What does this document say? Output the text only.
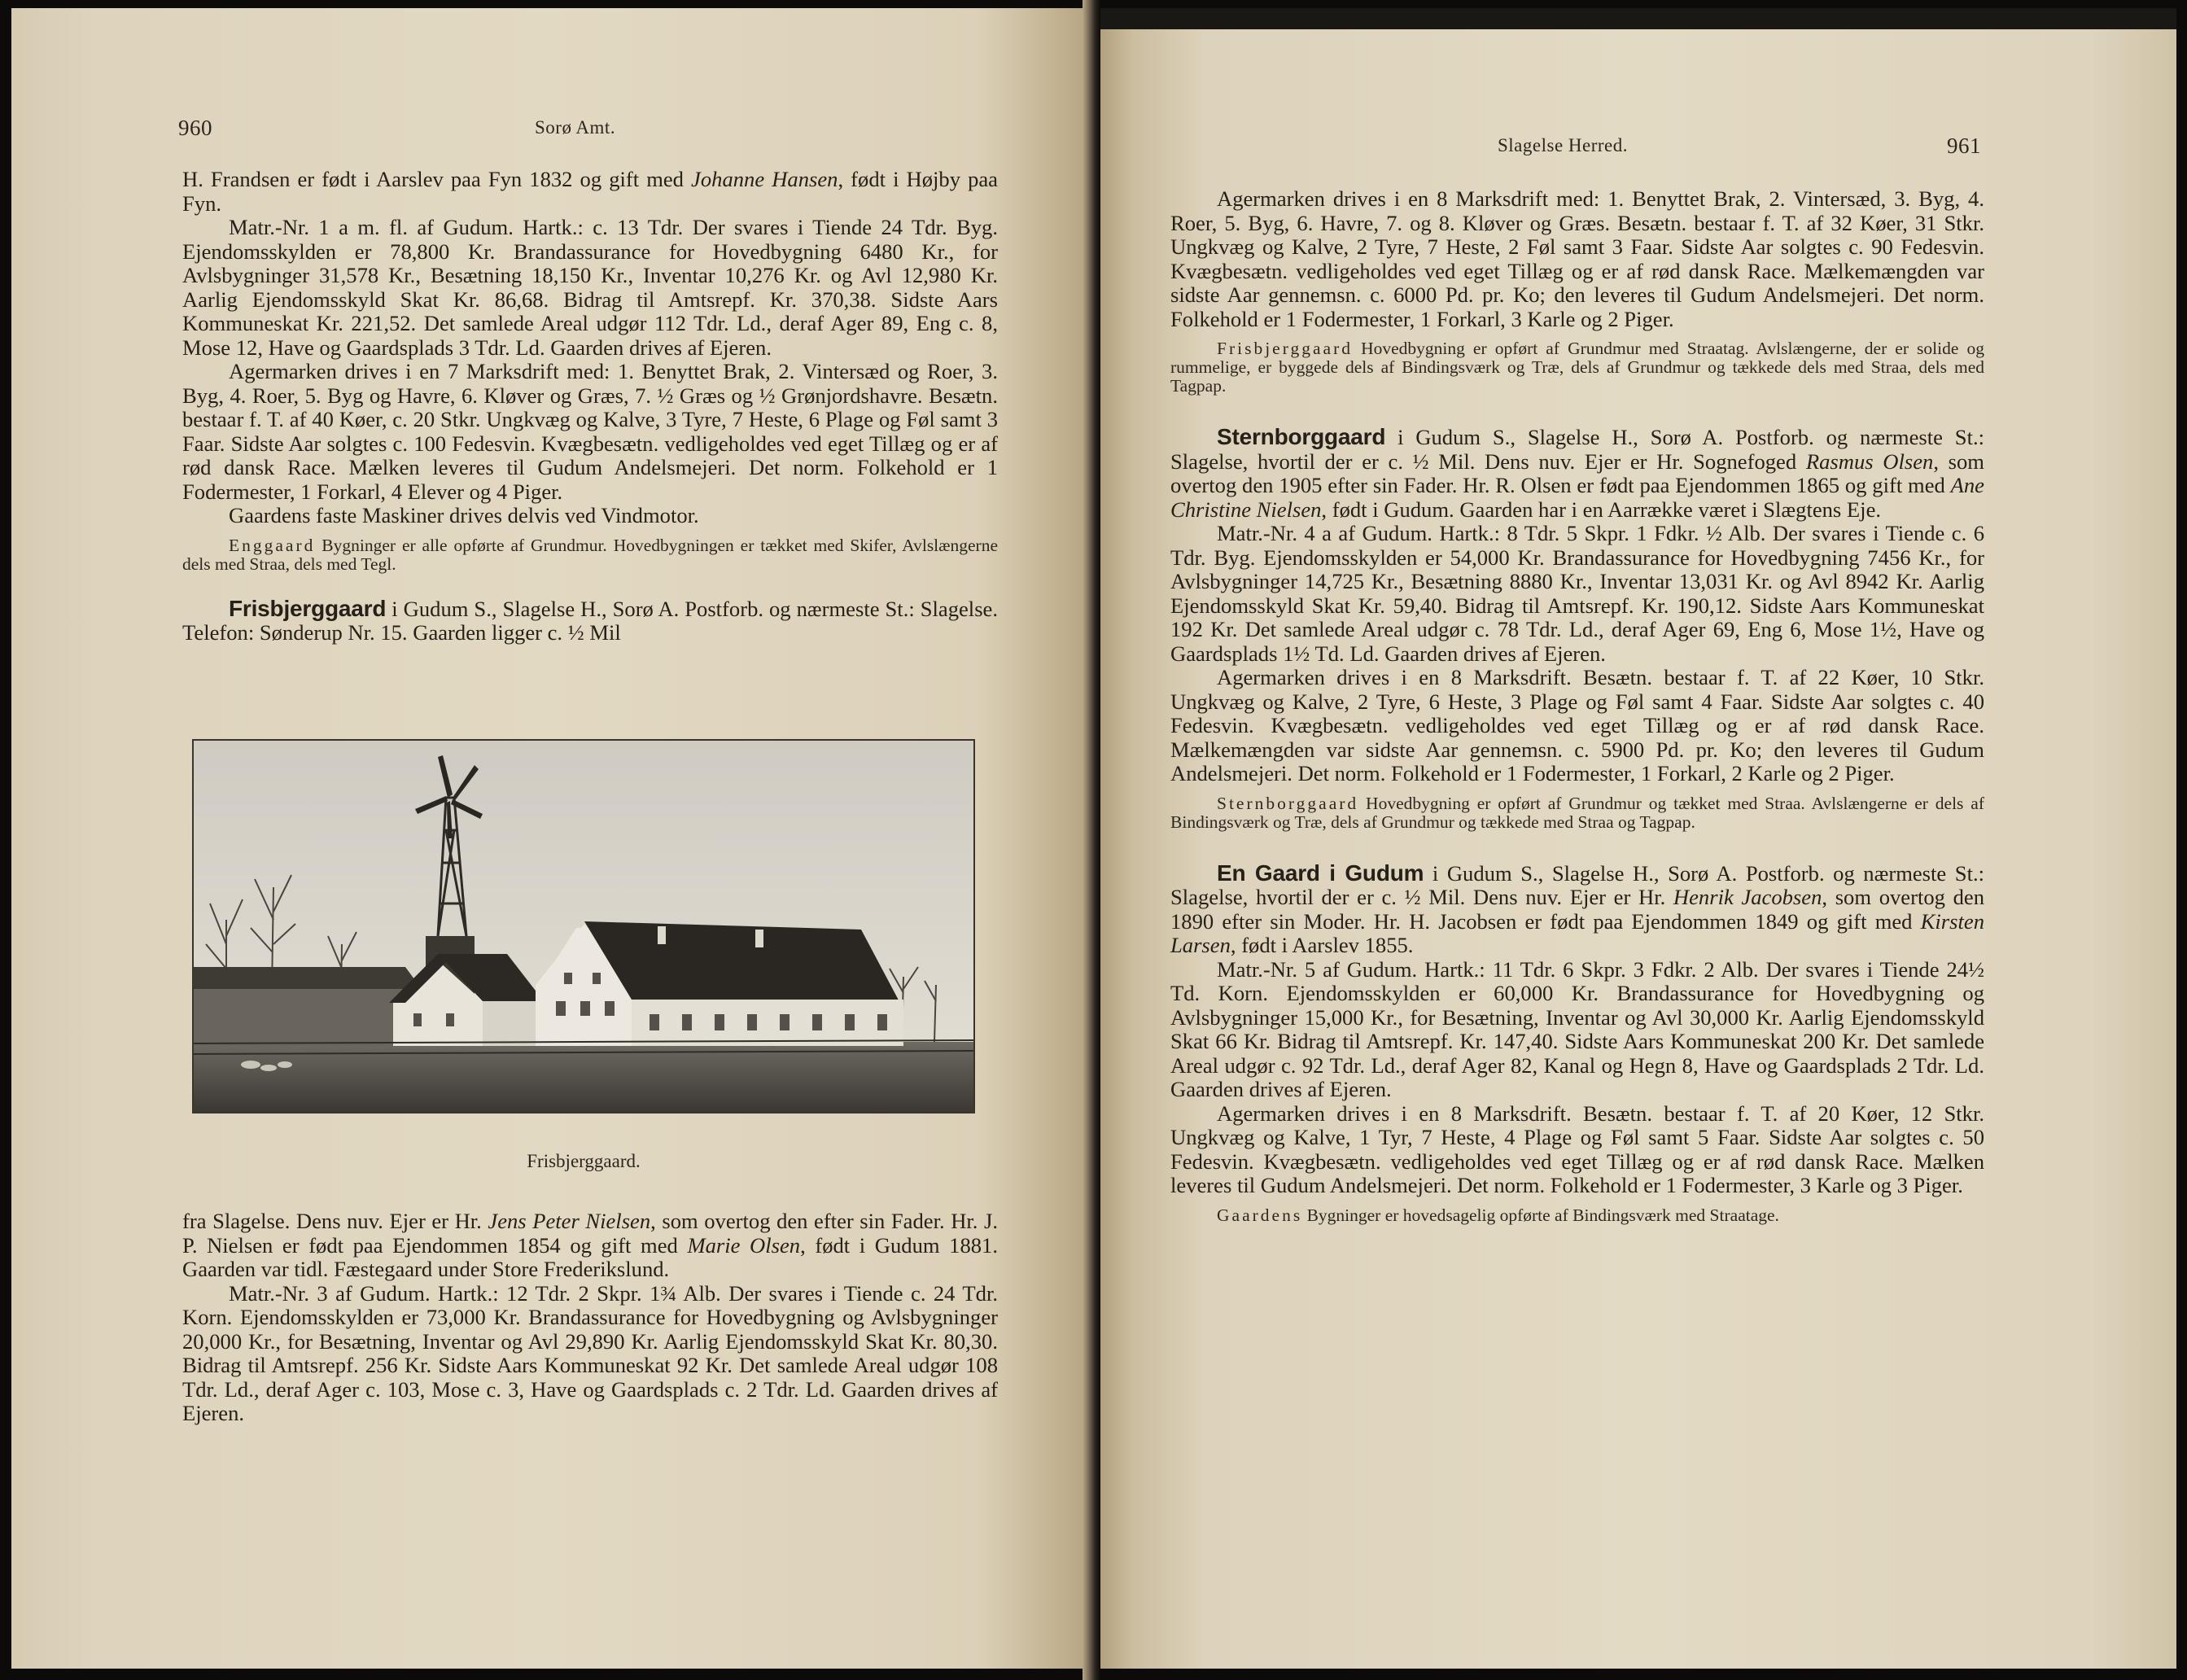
960	Sorø Amt.

H. Frandsen er født i Aarslev paa Fyn 1832 og gift med Johanne Hansen, født i Højby paa Fyn.

Matr.-Nr. 1 a m. fl. af Gudum. Hartk.: c. 13 Tdr. Der svares i Tiende 24 Tdr. Byg. Ejendomsskylden er 78,800 Kr. Brandassurance for Hovedbygning 6480 Kr., for Avlsbygninger 31,578 Kr., Besætning 18,150 Kr., Inventar 10,276 Kr. og Avl 12,980 Kr. Aarlig Ejendomsskyld Skat Kr. 86,68. Bidrag til Amtsrepf. Kr. 370,38. Sidste Aars Kommuneskat Kr. 221,52. Det samlede Areal udgør 112 Tdr. Ld., deraf Ager 89, Eng c. 8, Mose 12, Have og Gaardsplads 3 Tdr. Ld. Gaarden drives af Ejeren.

Agermarken drives i en 7 Marksdrift med: 1. Benyttet Brak, 2. Vintersæd og Roer, 3. Byg, 4. Roer, 5. Byg og Havre, 6. Kløver og Græs, 7. ½ Græs og ½ Grønjordshavre. Besætn. bestaar f. T. af 40 Køer, c. 20 Stkr. Ungkvæg og Kalve, 3 Tyre, 7 Heste, 6 Plage og Føl samt 3 Faar. Sidste Aar solgtes c. 100 Fedesvin. Kvægbesætn. vedligeholdes ved eget Tillæg og er af rød dansk Race. Mælken leveres til Gudum Andelsmejeri. Det norm. Folkehold er 1 Fodermester, 1 Forkarl, 4 Elever og 4 Piger.

Gaardens faste Maskiner drives delvis ved Vindmotor.

Enggaard Bygninger er alle opførte af Grundmur. Hovedbygningen er tækket med Skifer, Avlslængerne dels med Straa, dels med Tegl.

Frisbjerggaard i Gudum S., Slagelse H., Sorø A. Postforb. og nærmeste St.: Slagelse. Telefon: Sønderup Nr. 15. Gaarden ligger c. ½ Mil

Frisbjerggaard.

fra Slagelse. Dens nuv. Ejer er Hr. Jens Peter Nielsen, som overtog den efter sin Fader. Hr. J. P. Nielsen er født paa Ejendommen 1854 og gift med Marie Olsen, født i Gudum 1881. Gaarden var tidl. Fæstegaard under Store Frederikslund.

Matr.-Nr. 3 af Gudum. Hartk.: 12 Tdr. 2 Skpr. 1¾ Alb. Der svares i Tiende c. 24 Tdr. Korn. Ejendomsskylden er 73,000 Kr. Brandassurance for Hovedbygning og Avlsbygninger 20,000 Kr., for Besætning, Inventar og Avl 29,890 Kr. Aarlig Ejendomsskyld Skat Kr. 80,30. Bidrag til Amtsrepf. 256 Kr. Sidste Aars Kommuneskat 92 Kr. Det samlede Areal udgør 108 Tdr. Ld., deraf Ager c. 103, Mose c. 3, Have og Gaardsplads c. 2 Tdr. Ld. Gaarden drives af Ejeren.

Slagelse Herred.	961

Agermarken drives i en 8 Marksdrift med: 1. Benyttet Brak, 2. Vintersæd, 3. Byg, 4. Roer, 5. Byg, 6. Havre, 7. og 8. Kløver og Græs. Besætn. bestaar f. T. af 32 Køer, 31 Stkr. Ungkvæg og Kalve, 2 Tyre, 7 Heste, 2 Føl samt 3 Faar. Sidste Aar solgtes c. 90 Fedesvin. Kvægbesætn. vedligeholdes ved eget Tillæg og er af rød dansk Race. Mælkemængden var sidste Aar gennemsn. c. 6000 Pd. pr. Ko; den leveres til Gudum Andelsmejeri. Det norm. Folkehold er 1 Fodermester, 1 Forkarl, 3 Karle og 2 Piger.

Frisbjerggaard Hovedbygning er opført af Grundmur med Straatag. Avlslængerne, der er solide og rummelige, er byggede dels af Bindingsværk og Træ, dels af Grundmur og tækkede dels med Straa, dels med Tagpap.

Sternborggaard i Gudum S., Slagelse H., Sorø A. Postforb. og nærmeste St.: Slagelse, hvortil der er c. ½ Mil. Dens nuv. Ejer er Hr. Sognefoged Rasmus Olsen, som overtog den 1905 efter sin Fader. Hr. R. Olsen er født paa Ejendommen 1865 og gift med Ane Christine Nielsen, født i Gudum. Gaarden har i en Aarrække været i Slægtens Eje.

Matr.-Nr. 4 a af Gudum. Hartk.: 8 Tdr. 5 Skpr. 1 Fdkr. ½ Alb. Der svares i Tiende c. 6 Tdr. Byg. Ejendomsskylden er 54,000 Kr. Brandassurance for Hovedbygning 7456 Kr., for Avlsbygninger 14,725 Kr., Besætning 8880 Kr., Inventar 13,031 Kr. og Avl 8942 Kr. Aarlig Ejendomsskyld Skat Kr. 59,40. Bidrag til Amtsrepf. Kr. 190,12. Sidste Aars Kommuneskat 192 Kr. Det samlede Areal udgør c. 78 Tdr. Ld., deraf Ager 69, Eng 6, Mose 1½, Have og Gaardsplads 1½ Td. Ld. Gaarden drives af Ejeren.

Agermarken drives i en 8 Marksdrift. Besætn. bestaar f. T. af 22 Køer, 10 Stkr. Ungkvæg og Kalve, 2 Tyre, 6 Heste, 3 Plage og Føl samt 4 Faar. Sidste Aar solgtes c. 40 Fedesvin. Kvægbesætn. vedligeholdes ved eget Tillæg og er af rød dansk Race. Mælkemængden var sidste Aar gennemsn. c. 5900 Pd. pr. Ko; den leveres til Gudum Andelsmejeri. Det norm. Folkehold er 1 Fodermester, 1 Forkarl, 2 Karle og 2 Piger.

Sternborggaard Hovedbygning er opført af Grundmur og tækket med Straa. Avlslængerne er dels af Bindingsværk og Træ, dels af Grundmur og tækkede med Straa og Tagpap.

En Gaard i Gudum i Gudum S., Slagelse H., Sorø A. Postforb. og nærmeste St.: Slagelse, hvortil der er c. ½ Mil. Dens nuv. Ejer er Hr. Henrik Jacobsen, som overtog den 1890 efter sin Moder. Hr. H. Jacobsen er født paa Ejendommen 1849 og gift med Kirsten Larsen, født i Aarslev 1855.

Matr.-Nr. 5 af Gudum. Hartk.: 11 Tdr. 6 Skpr. 3 Fdkr. 2 Alb. Der svares i Tiende 24½ Td. Korn. Ejendomsskylden er 60,000 Kr. Brandassurance for Hovedbygning og Avlsbygninger 15,000 Kr., for Besætning, Inventar og Avl 30,000 Kr. Aarlig Ejendomsskyld Skat 66 Kr. Bidrag til Amtsrepf. Kr. 147,40. Sidste Aars Kommuneskat 200 Kr. Det samlede Areal udgør c. 92 Tdr. Ld., deraf Ager 82, Kanal og Hegn 8, Have og Gaardsplads 2 Tdr. Ld. Gaarden drives af Ejeren.

Agermarken drives i en 8 Marksdrift. Besætn. bestaar f. T. af 20 Køer, 12 Stkr. Ungkvæg og Kalve, 1 Tyr, 7 Heste, 4 Plage og Føl samt 5 Faar. Sidste Aar solgtes c. 50 Fedesvin. Kvægbesætn. vedligeholdes ved eget Tillæg og er af rød dansk Race. Mælken leveres til Gudum Andelsmejeri. Det norm. Folkehold er 1 Fodermester, 3 Karle og 3 Piger.

Gaardens Bygninger er hovedsagelig opførte af Bindingsværk med Straatage.
